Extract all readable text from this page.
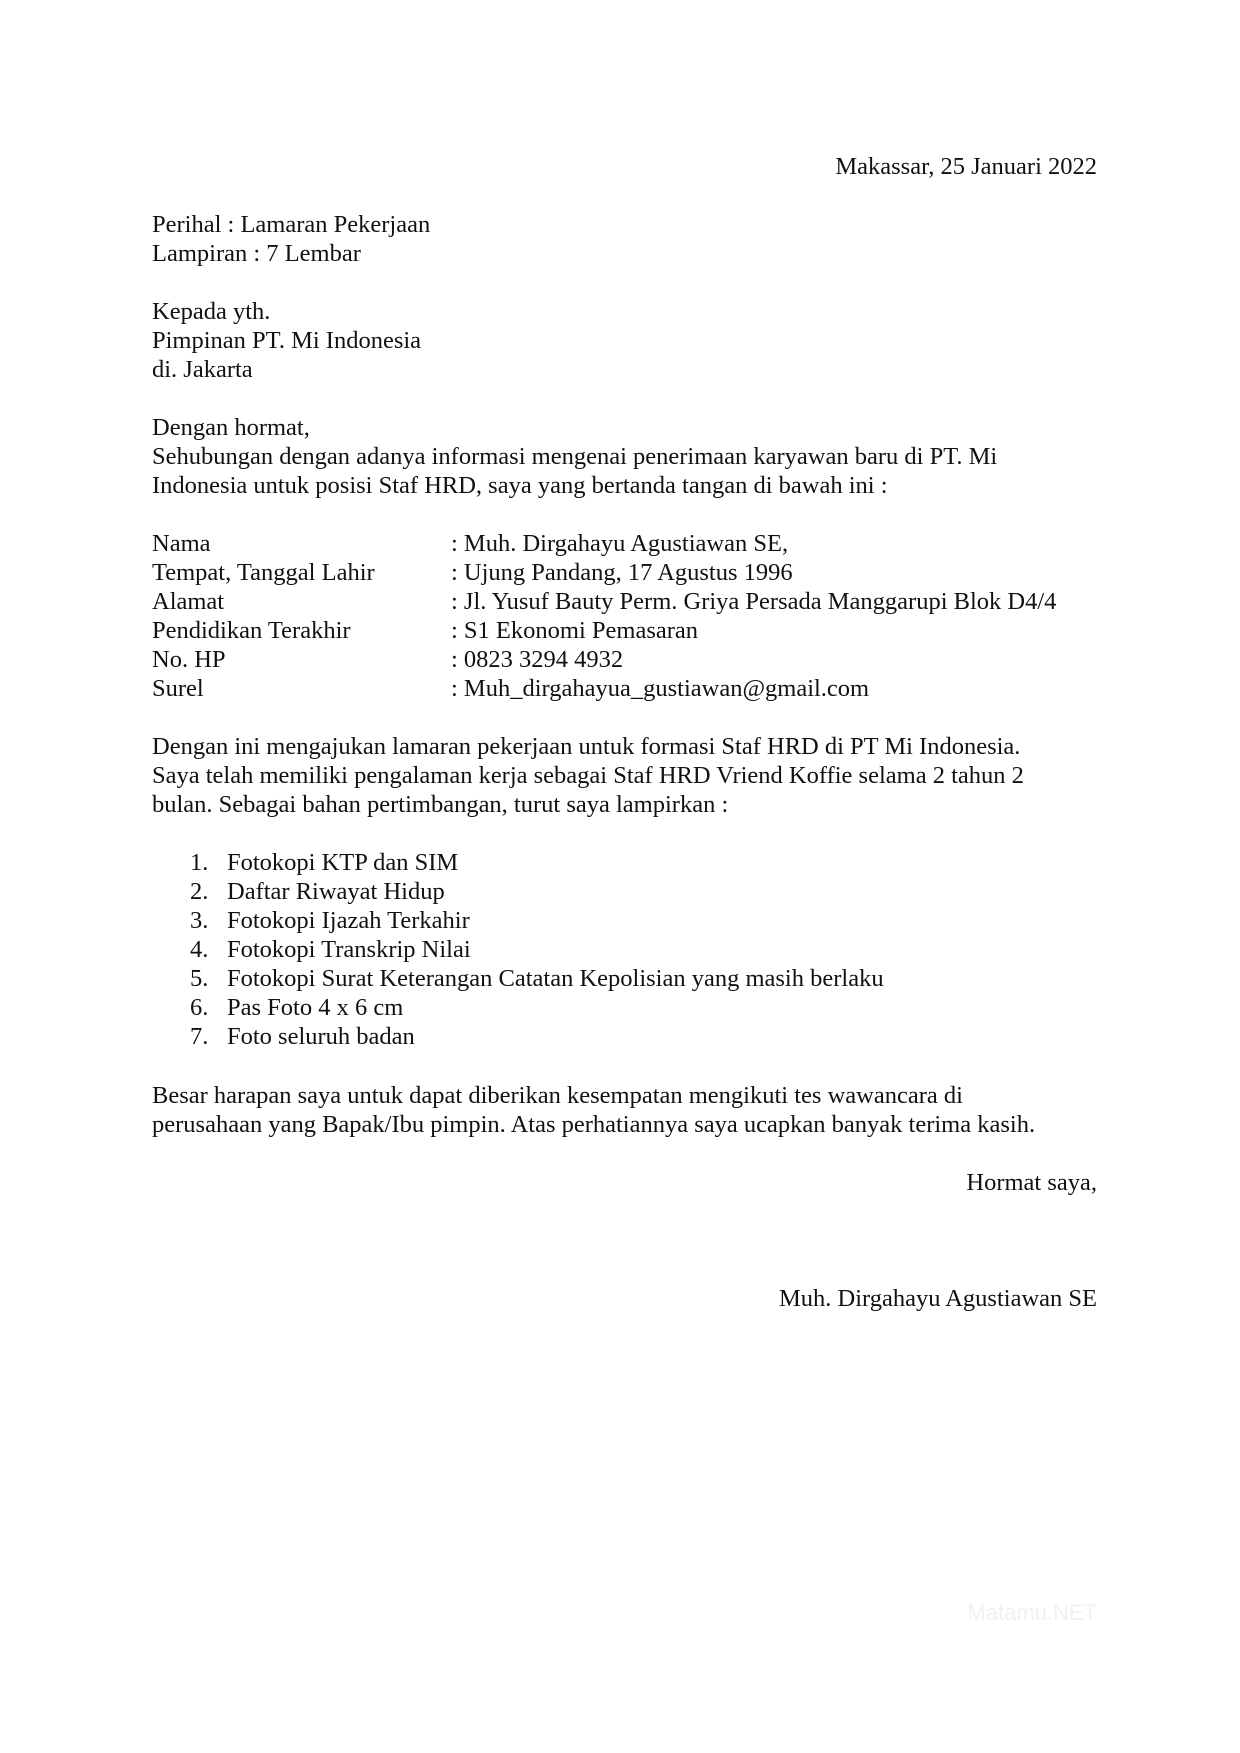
Makassar, 25 Januari 2022
Perihal : Lamaran Pekerjaan
Lampiran : 7 Lembar
Kepada yth.
Pimpinan PT. Mi Indonesia
di. Jakarta
Dengan hormat,
Sehubungan dengan adanya informasi mengenai penerimaan karyawan baru di PT. Mi
Indonesia untuk posisi Staf HRD, saya yang bertanda tangan di bawah ini :
Nama	: Muh. Dirgahayu Agustiawan SE,
Tempat, Tanggal Lahir	: Ujung Pandang, 17 Agustus 1996
Alamat	: Jl. Yusuf Bauty Perm. Griya Persada Manggarupi Blok D4/4
Pendidikan Terakhir	: S1 Ekonomi Pemasaran
No. HP	: 0823 3294 4932
Surel	: Muh_dirgahayua_gustiawan@gmail.com
Dengan ini mengajukan lamaran pekerjaan untuk formasi Staf HRD di PT Mi Indonesia.
Saya telah memiliki pengalaman kerja sebagai Staf HRD Vriend Koffie selama 2 tahun 2
bulan. Sebagai bahan pertimbangan, turut saya lampirkan :
1. Fotokopi KTP dan SIM
2. Daftar Riwayat Hidup
3. Fotokopi Ijazah Terkahir
4. Fotokopi Transkrip Nilai
5. Fotokopi Surat Keterangan Catatan Kepolisian yang masih berlaku
6. Pas Foto 4 x 6 cm
7. Foto seluruh badan
Besar harapan saya untuk dapat diberikan kesempatan mengikuti tes wawancara di
perusahaan yang Bapak/Ibu pimpin. Atas perhatiannya saya ucapkan banyak terima kasih.
Hormat saya,
Muh. Dirgahayu Agustiawan SE
Matamu.NET
